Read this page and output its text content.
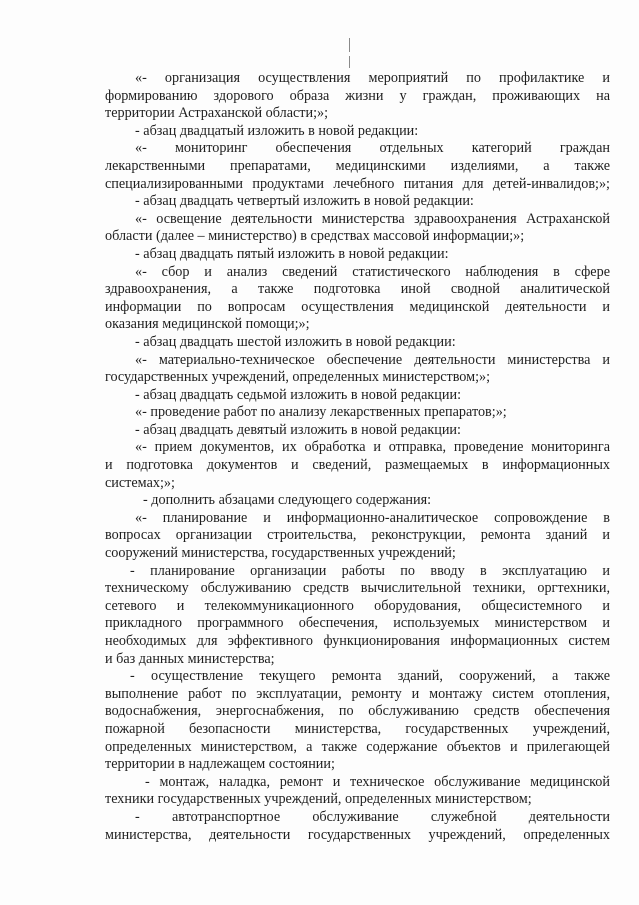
«- организация осуществления мероприятий по профилактике и
формированию здорового образа жизни у граждан, проживающих на
территории Астраханской области;»;
- абзац двадцатый изложить в новой редакции:
«- мониторинг обеспечения отдельных категорий граждан
лекарственными препаратами, медицинскими изделиями, а также
специализированными продуктами лечебного питания для детей-инвалидов;»;
- абзац двадцать четвертый изложить в новой редакции:
«- освещение деятельности министерства здравоохранения Астраханской
области (далее – министерство) в средствах массовой информации;»;
- абзац двадцать пятый изложить в новой редакции:
«- сбор и анализ сведений статистического наблюдения в сфере
здравоохранения, а также подготовка иной сводной аналитической
информации по вопросам осуществления медицинской деятельности и
оказания медицинской помощи;»;
- абзац двадцать шестой изложить в новой редакции:
«- материально-техническое обеспечение деятельности министерства и
государственных учреждений, определенных министерством;»;
- абзац двадцать седьмой изложить в новой редакции:
«- проведение работ по анализу лекарственных препаратов;»;
- абзац двадцать девятый изложить в новой редакции:
«- прием документов, их обработка и отправка, проведение мониторинга
и подготовка документов и сведений, размещаемых в информационных
системах;»;
- дополнить абзацами следующего содержания:
«- планирование и информационно-аналитическое сопровождение в
вопросах организации строительства, реконструкции, ремонта зданий и
сооружений министерства, государственных учреждений;
- планирование организации работы по вводу в эксплуатацию и
техническому обслуживанию средств вычислительной техники, оргтехники,
сетевого и телекоммуникационного оборудования, общесистемного и
прикладного программного обеспечения, используемых министерством и
необходимых для эффективного функционирования информационных систем
и баз данных министерства;
- осуществление текущего ремонта зданий, сооружений, а также
выполнение работ по эксплуатации, ремонту и монтажу систем отопления,
водоснабжения, энергоснабжения, по обслуживанию средств обеспечения
пожарной безопасности министерства, государственных учреждений,
определенных министерством, а также содержание объектов и прилегающей
территории в надлежащем состоянии;
- монтаж, наладка, ремонт и техническое обслуживание медицинской
техники государственных учреждений, определенных министерством;
- автотранспортное обслуживание служебной деятельности
министерства, деятельности государственных учреждений, определенных
